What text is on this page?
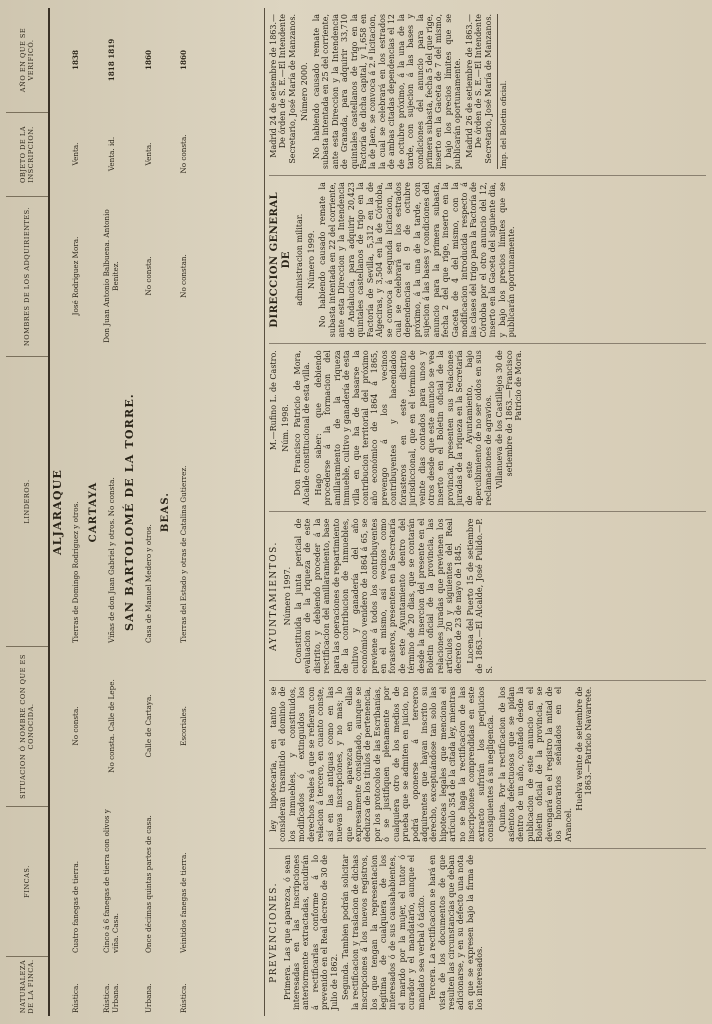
NATURALEZA DE LA FINCA.
FINCAS.
SITUACION Ó NOMBRE CON QUE ES CONOCIDA.
LINDEROS.
NOMBRES DE LOS ADQUIRIENTES.
OBJETO DE LA INSCRIPCION.
AÑO EN QUE SE VERIFICÓ.
ALJARAQUE
Rústica.
Cuatro fanegas de tierra.
No consta.
Tierras de Domingo Rodriguez y otros.
José Rodriguez Mora.
Venta.
1838
CARTAYA
Rústica. Urbana.
Cinco á 6 fanegas de tierra con olivos y viña. Casa.
No consta. Calle de Lepe.
Viñas de don Juan Gabriel y otros. No consta.
Don Juan Antonio Balbuena. Antonio Benitez.
Venta. id.
1818 1819
SAN BARTOLOMÉ DE LA TORRE.
Urbana.
Once décimas quintas partes de casa.
Calle de Cartaya.
Casa de Manuel Medero y otros.
No consta.
Venta.
1860
BEAS.
Rústica.
Veintidos fanegas de tierra.
Escoriales.
Tierras del Estado y otras de Catalina Gutierrez.
No constan.
No consta.
1860
PREVENCIONES. Primera. Las que aparezca, ó sean interesadas en las inscripciones anteriormente extractadas, acudirán á rectificarlas conforme á lo prevenido en el Real decreto de 30 de Julio de 1862. Segunda. Tambien podrán solicitar la rectificacion y traslacion de dichas inscripciones á los nuevos registros, los que tengan la representacion legítima de cualquiera de los interesados ó de sus causahabientes, el marido por la mujer, el tutor ó curador y el mandatario, aunque el mandato sea verbal ó tácito. Tercera. La rectificacion se hará en vista de los documentos de que resulten las circunstancias que deban adicionarse, y en su defecto una nota en que se expresen bajo la firma de los interesados.

ley hipotecaria, en tanto se consideran trasmitido el dominio de los inmuebles, y constituidos, modificados ó extinguidos los derechos reales á que se refieran con relacion á tercero, en cuanto conste, así en las antiguas como en las nuevas inscripciones, y no mas; lo que no aparezca en ellas expresamente consignado, aunque se deduzca de los títulos de pertenencia, por los protocolos de las Escribanías, ó se justifiquen plenamente por cualquiera otro de los medios de prueba que se admiten en juicio, no podrá oponerse á terceros adquirentes que hayan inscrito su derecho, exceptuándose tan solo las hipotecas legales que menciona el artículo 354 de la citada ley, mientras no se haga la rectificacion de las inscripciones comprendidas en este extracto sufrirán los perjuicios consiguientes á su negligencia. Quinta. Por la rectificacion de los asientos defectuosos que se pidan dentro de un año, contado desde la publicacion de este anuncio en el Boletin oficial de la provincia, se devengará en el registro la mitad de los honorarios señalados en el Arancel.

Huelva veinte de setiembre de 1863.—Patricio Navarrete.

AYUNTAMIENTOS. Número 1997. Constituida la junta pericial de evaluacion de la riqueza de este distrito, y debiendo proceder á la rectificacion del amillaramiento, base para las operaciones de repartimiento de la contribucion de inmuebles, cultivo y ganadería del año económico venidero de 1864 á 65, se previene á todos los contribuyentes en el mismo, así vecinos como forasteros, presenten en la Secretaría de este Ayuntamiento dentro del término de 20 dias, que se contarán desde la insercion del presente en el Boletin oficial de la provincia, las relaciones juradas que previenen los artículos 20 y siguientes del Real decreto de 23 de mayo de 1845. Lucena del Puerto 15 de setiembre de 1863.—El Alcalde, José Pulido.—P. S.

M.—Rufino L. de Castro. Núm. 1998. Don Francisco Patricio de Mora, Alcalde constitucional de esta villa. Hago saber: que debiendo procederse á la formacion del amillaramiento de la riqueza inmueble, cultivo y ganadería de esta villa en que ha de basarse la contribucion territorial del próximo año económico de 1864 á 1865, prevengo á los vecinos contribuyentes y hacendados forasteros en este distrito jurisdiccional, que en el término de veinte dias contados para unos y otros desde que este anuncio se vea inserto en el Boletin oficial de la provincia, presenten sus relaciones juradas de la riqueza en la Secretaría de este Ayuntamiento, bajo apercibimiento de no ser oidos en sus reclamaciones de agravios. Villanueva de los Castillejos 30 de setiembre de 1863.—Francisco Patricio de Mora.

DIRECCION GENERAL DE administracion militar. Número 1999. No habiendo causado remate la subasta intentada en 22 del corriente, ante esta Direccion y la Intendencia de Andalucía, para adquirir 20,423 quintales castellanos de trigo en la Factoría de Sevilla, 5,312 en la de Algeciras, y 3,504 en la de Córdoba, se convoca á segunda licitacion, la cual se celebrará en los estrados dependencias el 9 de octubre próximo, á la una de la tarde, con sujecion á las bases y condiciones del anuncio para la primera subasta, fecha 2 del que rige, inserto en la Gaceta de 4 del mismo, con la modificacion introducida respecto á las clases del trigo para la Factoría de Córdoba por el otro anuncio del 12, inserto en la Gaceta del siguiente dia, y bajo los precios límites que se publicarán oportunamente.

Madrid 24 de setiembre de 1863.—De órden de S. E.—El Intendente Secretario, José María de Manzanos. Número 2000. No habiendo causado remate la subasta intentada en 25 del corriente, ante esta Direccion y la Intendencia de Granada, para adquirir 33,710 quintales castellanos de trigo en la Factoría de dicha capital, y 1,658 en la de Jaen, se convoca á 2.ª licitacion, la cual se celebrará en los estrados de ambas citadas dependencias el 12 de octubre próximo, á la una de la tarde, con sujecion á las bases y condiciones del anuncio para la primera subasta, fecha 5 del que rige, inserto en la Gaceta de 7 del mismo, y bajo los precios límites que se publicarán oportunamente. Madrid 26 de setiembre de 1863.—De órden de S. E.—El Intendente Secretario, José María de Manzanos. Imp. del Boletin oficial.
